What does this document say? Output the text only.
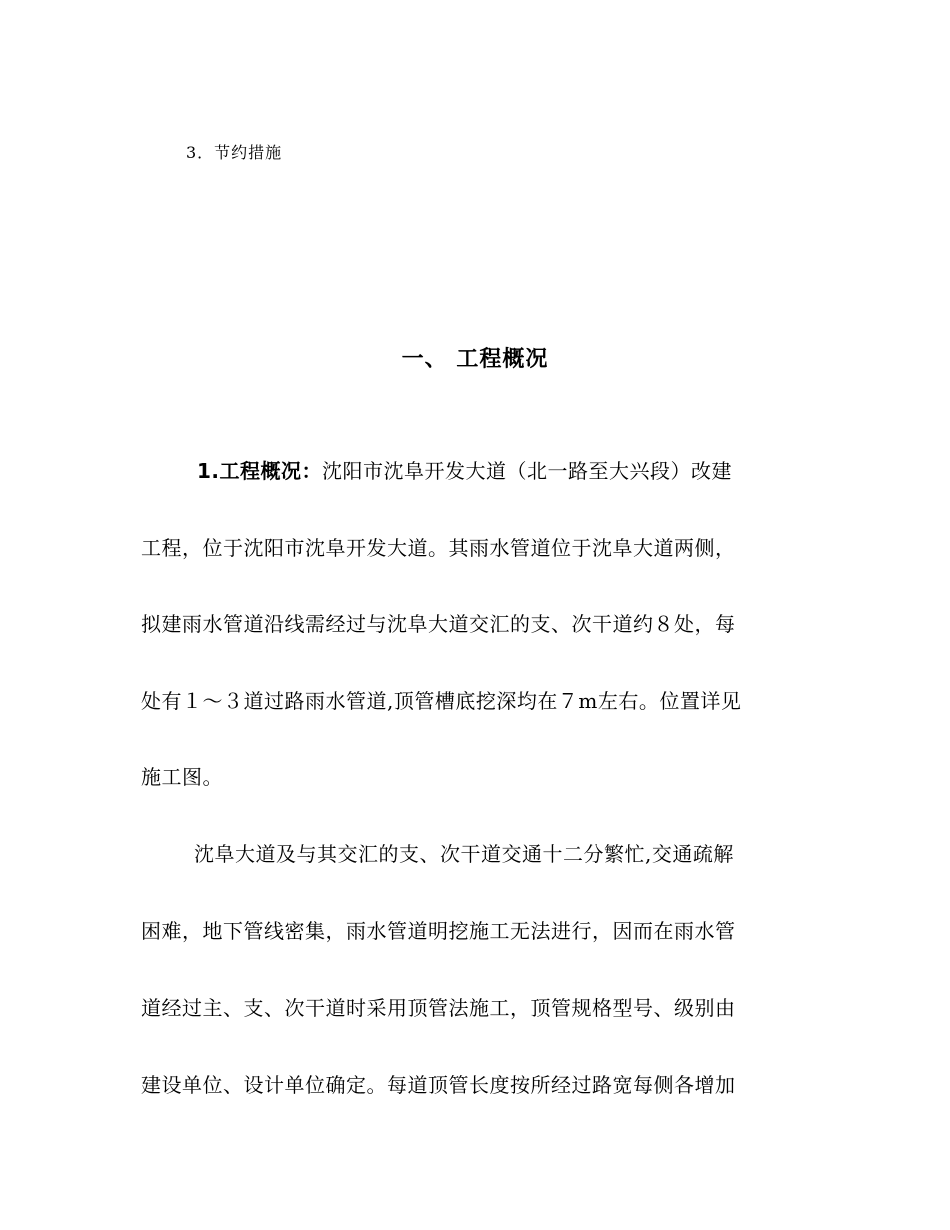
3．节约措施
一、 工程概况
1.工程概况：沈阳市沈阜开发大道（北一路至大兴段）改建
工程，位于沈阳市沈阜开发大道。其雨水管道位于沈阜大道两侧，
拟建雨水管道沿线需经过与沈阜大道交汇的支、次干道约８处，每
处有１～３道过路雨水管道,顶管槽底挖深均在７m左右。位置详见
施工图。
沈阜大道及与其交汇的支、次干道交通十二分繁忙,交通疏解
困难，地下管线密集，雨水管道明挖施工无法进行，因而在雨水管
道经过主、支、次干道时采用顶管法施工，顶管规格型号、级别由
建设单位、设计单位确定。每道顶管长度按所经过路宽每侧各增加
